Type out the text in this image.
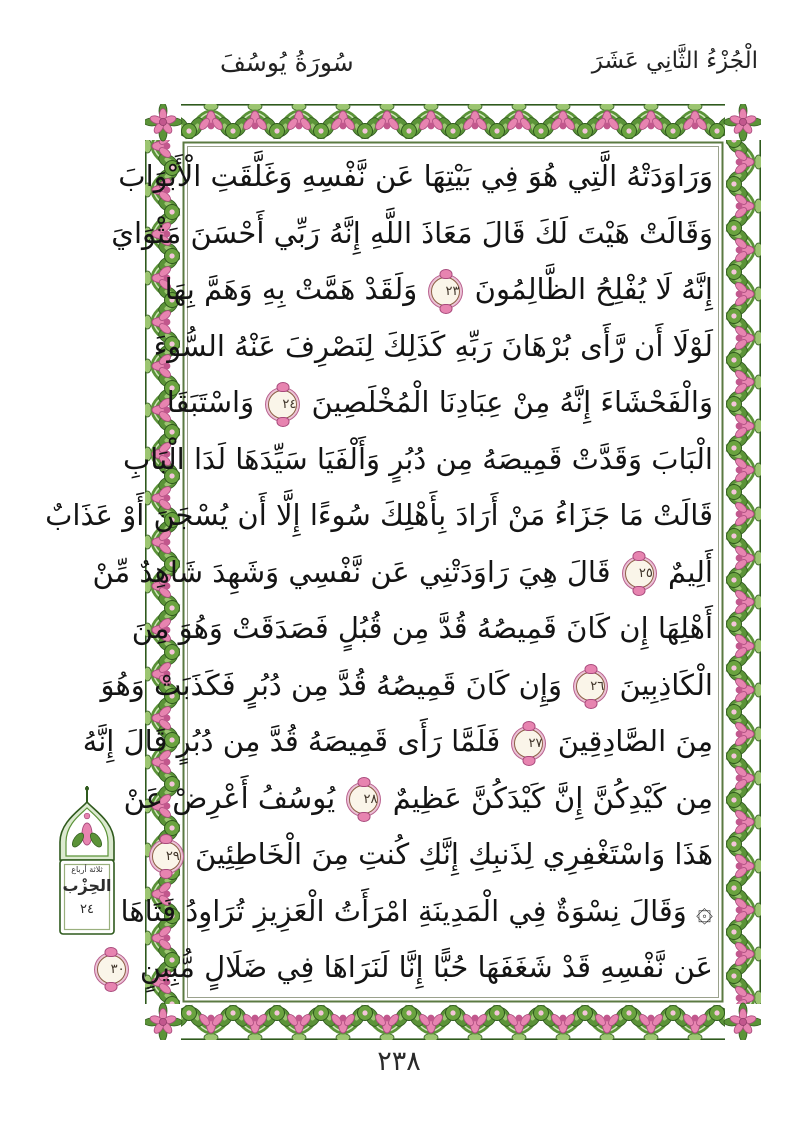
الْجُزْءُ الثَّانِي عَشَرَ
سُورَةُ يُوسُفَ
وَرَاوَدَتْهُ الَّتِي هُوَ فِي بَيْتِهَا عَن نَّفْسِهِ وَغَلَّقَتِ الْأَبْوَابَ
وَقَالَتْ هَيْتَ لَكَ قَالَ مَعَاذَ اللَّهِ إِنَّهُ رَبِّي أَحْسَنَ مَثْوَايَ
إِنَّهُ لَا يُفْلِحُ الظَّالِمُونَ ٢٣ وَلَقَدْ هَمَّتْ بِهِ وَهَمَّ بِهَا
لَوْلَا أَن رَّأَى بُرْهَانَ رَبِّهِ كَذَلِكَ لِنَصْرِفَ عَنْهُ السُّوءَ
وَالْفَحْشَاءَ إِنَّهُ مِنْ عِبَادِنَا الْمُخْلَصِينَ ٢٤ وَاسْتَبَقَا
الْبَابَ وَقَدَّتْ قَمِيصَهُ مِن دُبُرٍ وَأَلْفَيَا سَيِّدَهَا لَدَا الْبَابِ
قَالَتْ مَا جَزَاءُ مَنْ أَرَادَ بِأَهْلِكَ سُوءًا إِلَّا أَن يُسْجَنَ أَوْ عَذَابٌ
أَلِيمٌ ٢٥ قَالَ هِيَ رَاوَدَتْنِي عَن نَّفْسِي وَشَهِدَ شَاهِدٌ مِّنْ
أَهْلِهَا إِن كَانَ قَمِيصُهُ قُدَّ مِن قُبُلٍ فَصَدَقَتْ وَهُوَ مِنَ
الْكَاذِبِينَ ٢٦ وَإِن كَانَ قَمِيصُهُ قُدَّ مِن دُبُرٍ فَكَذَبَتْ وَهُوَ
مِنَ الصَّادِقِينَ ٢٧ فَلَمَّا رَأَى قَمِيصَهُ قُدَّ مِن دُبُرٍ قَالَ إِنَّهُ
مِن كَيْدِكُنَّ إِنَّ كَيْدَكُنَّ عَظِيمٌ ٢٨ يُوسُفُ أَعْرِضْ عَنْ
هَذَا وَاسْتَغْفِرِي لِذَنبِكِ إِنَّكِ كُنتِ مِنَ الْخَاطِئِينَ ٢٩
۞ وَقَالَ نِسْوَةٌ فِي الْمَدِينَةِ امْرَأَتُ الْعَزِيزِ تُرَاوِدُ فَتَاهَا
عَن نَّفْسِهِ قَدْ شَغَفَهَا حُبًّا إِنَّا لَنَرَاهَا فِي ضَلَالٍ مُّبِينٍ ٣٠
ثلاثة أرباع
الحِزْب
٢٤
٢٣٨
